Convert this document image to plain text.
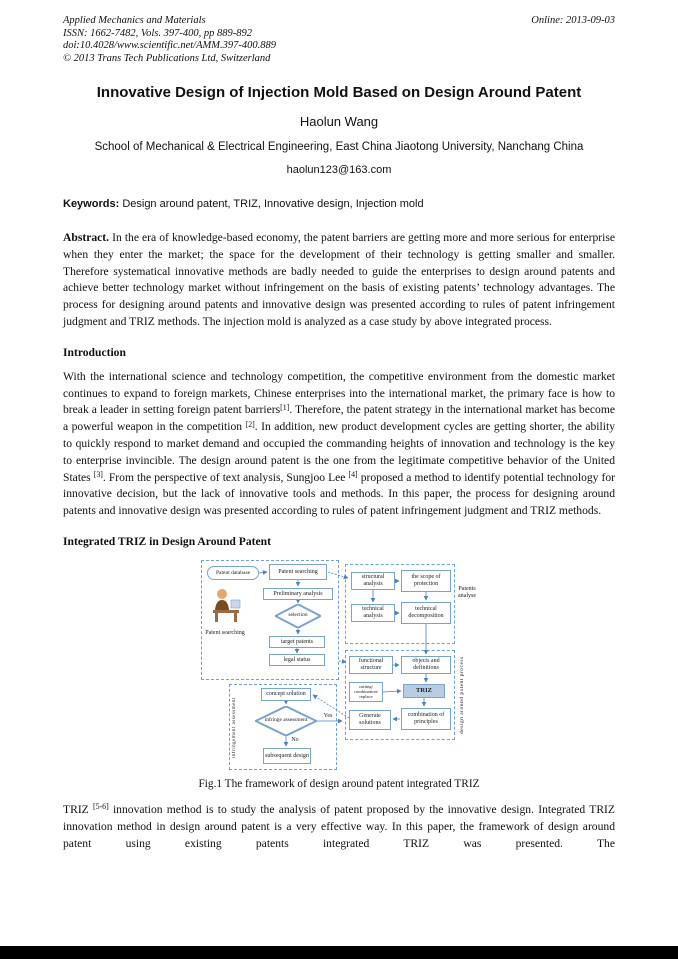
Applied Mechanics and Materials
ISSN: 1662-7482, Vols. 397-400, pp 889-892
doi:10.4028/www.scientific.net/AMM.397-400.889
© 2013 Trans Tech Publications Ltd, Switzerland
Online: 2013-09-03
Innovative Design of Injection Mold Based on Design Around Patent
Haolun Wang
School of Mechanical & Electrical Engineering, East China Jiaotong University, Nanchang China
haolun123@163.com
Keywords: Design around patent, TRIZ, Innovative design, Injection mold

Abstract. In the era of knowledge-based economy, the patent barriers are getting more and more serious for enterprise when they enter the market; the space for the development of their technology is getting smaller and smaller. Therefore systematical innovative methods are badly needed to guide the enterprises to design around patents and achieve better technology market without infringement on the basis of existing patents’ technology advantages. The process for designing around patents and innovative design was presented according to rules of patent infringement judgment and TRIZ methods. The injection mold is analyzed as a case study by above integrated process.

Introduction

With the international science and technology competition, the competitive environment from the domestic market continues to expand to foreign markets, Chinese enterprises into the international market, the primary face is how to break a leader in setting foreign patent barriers[1]. Therefore, the patent strategy in the international market has become a powerful weapon in the competition [2]. In addition, new product development cycles are getting shorter, the ability to quickly respond to market demand and occupied the commanding heights of innovation and technology is the key to enterprise invincible. The design around patent is the one from the legitimate competitive behavior of the United States [3]. From the perspective of text analysis, Sungjoo Lee [4] proposed a method to identify potential technology for innovative decision, but the lack of innovative tools and methods. In this paper, the process for designing around patents and innovative design was presented according to rules of patent infringement judgment and TRIZ methods.

Integrated TRIZ in Design Around Patent
Patent database
Patent searching
Patent searching
Preliminary analysis
selection
target patents
legal status
structural analysis
the scope of protection
technical analysis
technical decomposition
Patents analyse
functional structure
objects and definitions
cutting/ combination/ replace
TRIZ
Generate solutions
combination of principles	design around patent process
infringement assessment
concept solution
infringe assessment
Yes
No
subsequent design
Fig.1 The framework of design around patent integrated TRIZ

TRIZ [5-6] innovation method is to study the analysis of patent proposed by the innovative design. Integrated TRIZ innovation method in design around patent is a very effective way. In this paper, the framework of design around patent using existing patents integrated TRIZ was presented. The
